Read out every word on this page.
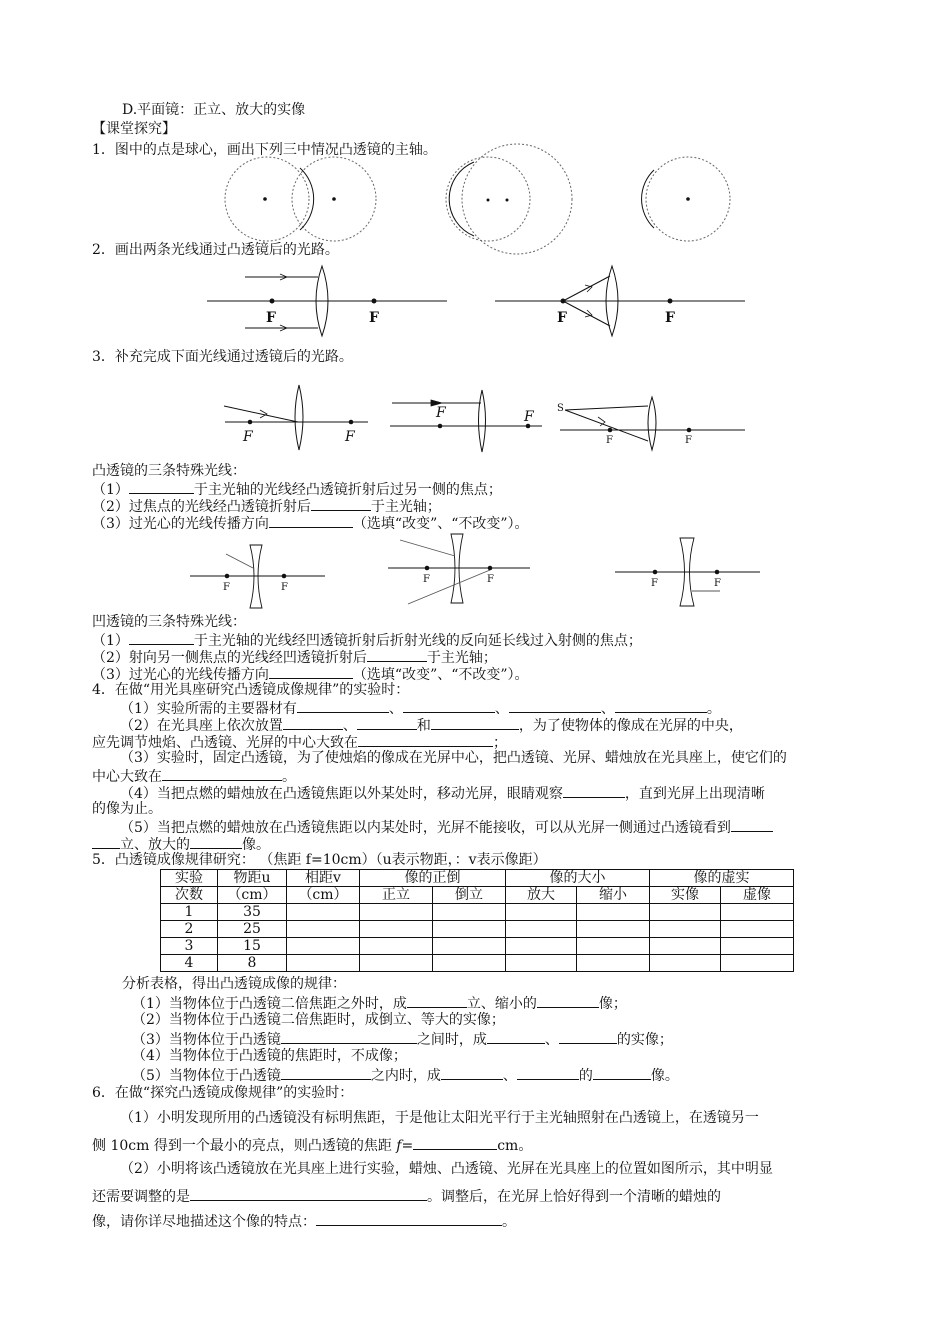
D.平面镜：正立、放大的实像
【课堂探究】
1．图中的点是球心，画出下列三中情况凸透镜的主轴。
2．画出两条光线通过凸透镜后的光路。
F	F	F	F
3．补充完成下面光线通过透镜后的光路。
F	F
F	F
S
F	F
凸透镜的三条特殊光线：
（1）	于主光轴的光线经凸透镜折射后过另一侧的焦点；
（2）过焦点的光线经凸透镜折射后	于主光轴；
（3）过光心的光线传播方向	（选填“改变”、“不改变”）。
F	F
F	F	F	F
凹透镜的三条特殊光线：
（1）	于主光轴的光线经凹透镜折射后折射光线的反向延长线过入射侧的焦点；
（2）射向另一侧焦点的光线经凹透镜折射后	于主光轴；
（3）过光心的光线传播方向	（选填“改变”、“不改变”）。
4．在做“用光具座研究凸透镜成像规律”的实验时：
（1）实验所需的主要器材有	、	、	、	。
（2）在光具座上依次放置	、	和	，为了使物体的像成在光屏的中央，
应先调节烛焰、凸透镜、光屏的中心大致在	；
（3）实验时，固定凸透镜，为了使烛焰的像成在光屏中心，把凸透镜、光屏、蜡烛放在光具座上，使它们的
中心大致在	。
（4）当把点燃的蜡烛放在凸透镜焦距以外某处时，移动光屏，眼睛观察	，直到光屏上出现清晰
的像为止。
（5）当把点燃的蜡烛放在凸透镜焦距以内某处时，光屏不能接收，可以从光屏一侧通过凸透镜看到
立、放大的	像。
5．凸透镜成像规律研究： （焦距 f=10cm）（u表示物距，：v表示像距）
实验	物距u	相距v	像的正倒		像的大小		像的虚实	
次数	（cm）	（cm）	正立	倒立	放大	缩小	实像	虚像
1	35							
2	25							
3	15							
4	8							
分析表格，得出凸透镜成像的规律：
（1）当物体位于凸透镜二倍焦距之外时，成	立、缩小的	像；
（2）当物体位于凸透镜二倍焦距时，成倒立、等大的实像；
（3）当物体位于凸透镜	之间时，成	、	的实像；
（4）当物体位于凸透镜的焦距时，不成像；
（5）当物体位于凸透镜	之内时，成	、	的	像。
6．在做“探究凸透镜成像规律”的实验时：
（1）小明发现所用的凸透镜没有标明焦距，于是他让太阳光平行于主光轴照射在凸透镜上，在透镜另一
侧 10cm 得到一个最小的亮点，则凸透镜的焦距 f=	cm。
（2）小明将该凸透镜放在光具座上进行实验，蜡烛、凸透镜、光屏在光具座上的位置如图所示，其中明显
还需要调整的是	。调整后，在光屏上恰好得到一个清晰的蜡烛的
像，请你详尽地描述这个像的特点：	。
